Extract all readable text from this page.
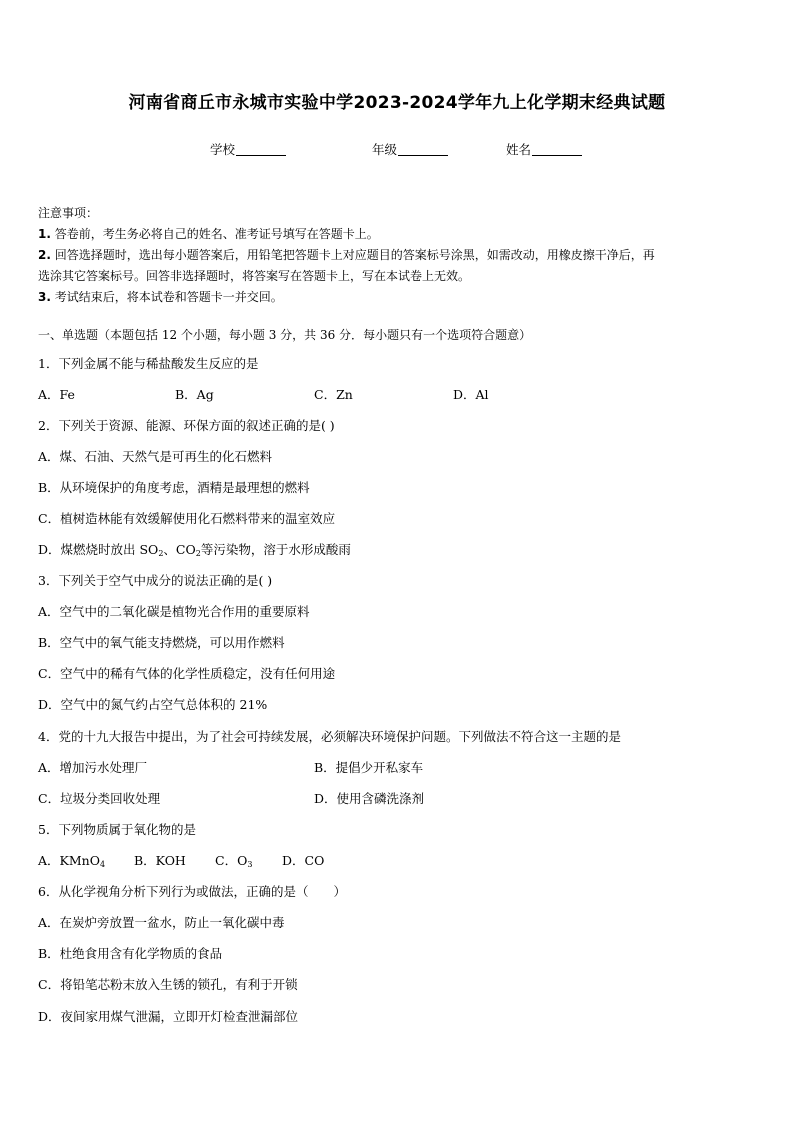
河南省商丘市永城市实验中学2023-2024学年九上化学期末经典试题
学校	年级	姓名
注意事项：
1. 答卷前，考生务必将自己的姓名、准考证号填写在答题卡上。
2. 回答选择题时，选出每小题答案后，用铅笔把答题卡上对应题目的答案标号涂黑，如需改动，用橡皮擦干净后，再
选涂其它答案标号。回答非选择题时，将答案写在答题卡上，写在本试卷上无效。
3. 考试结束后，将本试卷和答题卡一并交回。
一、单选题（本题包括 12 个小题，每小题 3 分，共 36 分．每小题只有一个选项符合题意）
1．下列金属不能与稀盐酸发生反应的是
A．Fe	B．Ag	C．Zn	D．Al
2．下列关于资源、能源、环保方面的叙述正确的是( )
A．煤、石油、天然气是可再生的化石燃料
B．从环境保护的角度考虑，酒精是最理想的燃料
C．植树造林能有效缓解使用化石燃料带来的温室效应
D．煤燃烧时放出 $SO_2$、$CO_2$等污染物，溶于水形成酸雨
3．下列关于空气中成分的说法正确的是( )
A．空气中的二氧化碳是植物光合作用的重要原料
B．空气中的氧气能支持燃烧，可以用作燃料
C．空气中的稀有气体的化学性质稳定，没有任何用途
D．空气中的氮气约占空气总体积的 21%
4．党的十九大报告中提出，为了社会可持续发展，必须解决环境保护问题。下列做法不符合这一主题的是
A．增加污水处理厂	B．提倡少开私家车
C．垃圾分类回收处理	D．使用含磷洗涤剂
5．下列物质属于氧化物的是
A．KMnO$_4$ B．KOH C．$O_3$ D．CO
6．从化学视角分析下列行为或做法，正确的是（　　）
A．在炭炉旁放置一盆水，防止一氧化碳中毒
B．杜绝食用含有化学物质的食品
C．将铅笔芯粉末放入生锈的锁孔，有利于开锁
D．夜间家用煤气泄漏，立即开灯检查泄漏部位
